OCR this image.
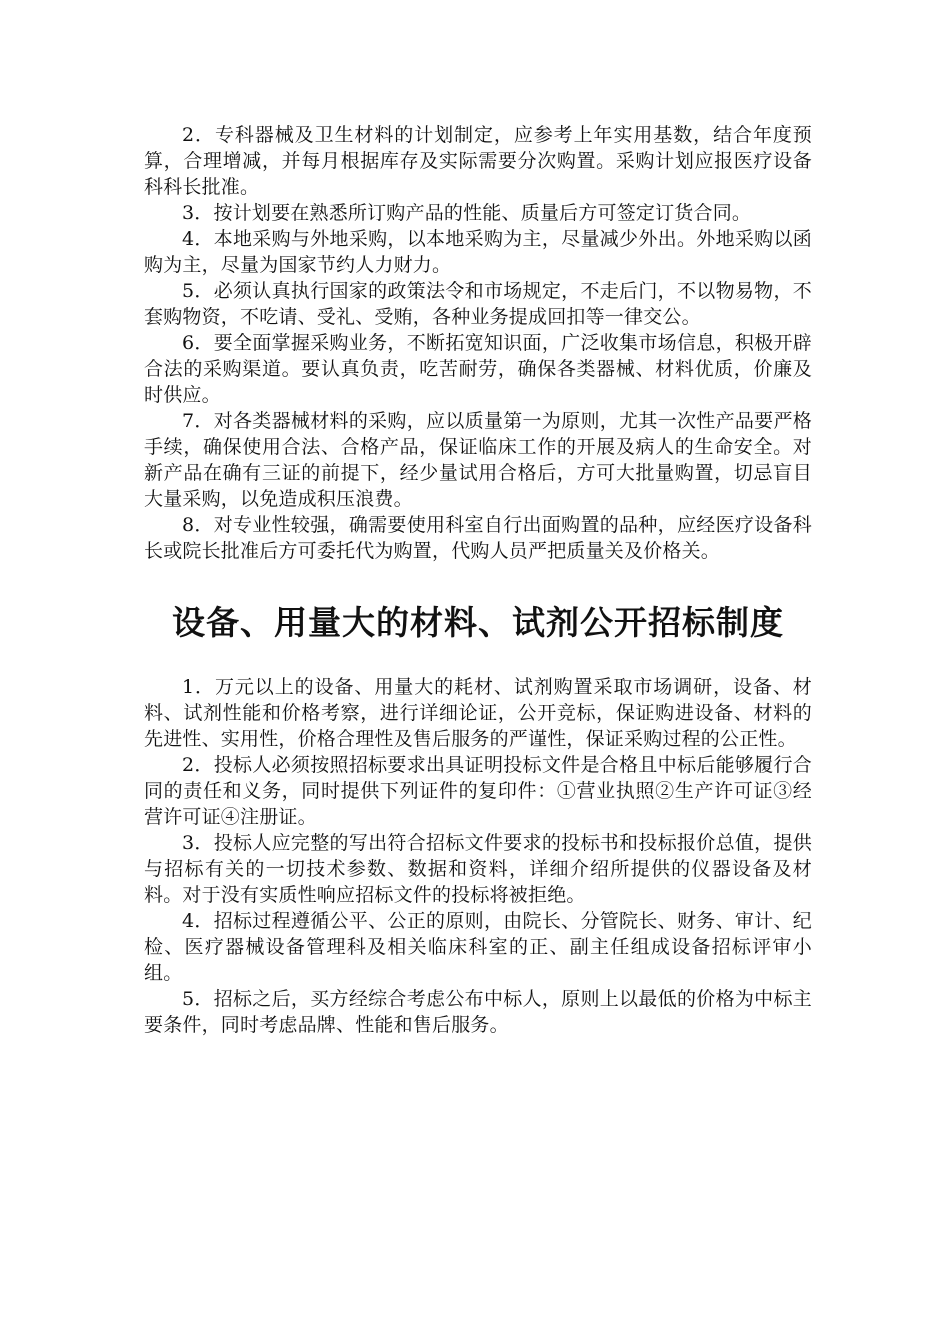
2．专科器械及卫生材料的计划制定，应参考上年实用基数，结合年度预算，合理增减，并每月根据库存及实际需要分次购置。采购计划应报医疗设备科科长批准。

3．按计划要在熟悉所订购产品的性能、质量后方可签定订货合同。

4．本地采购与外地采购，以本地采购为主，尽量减少外出。外地采购以函购为主，尽量为国家节约人力财力。

5．必须认真执行国家的政策法令和市场规定，不走后门，不以物易物，不套购物资，不吃请、受礼、受贿，各种业务提成回扣等一律交公。

6．要全面掌握采购业务，不断拓宽知识面，广泛收集市场信息，积极开辟合法的采购渠道。要认真负责，吃苦耐劳，确保各类器械、材料优质，价廉及时供应。

7．对各类器械材料的采购，应以质量第一为原则，尤其一次性产品要严格手续，确保使用合法、合格产品，保证临床工作的开展及病人的生命安全。对新产品在确有三证的前提下，经少量试用合格后，方可大批量购置，切忌盲目大量采购，以免造成积压浪费。

8．对专业性较强，确需要使用科室自行出面购置的品种，应经医疗设备科长或院长批准后方可委托代为购置，代购人员严把质量关及价格关。

设备、用量大的材料、试剂公开招标制度

1．万元以上的设备、用量大的耗材、试剂购置采取市场调研，设备、材料、试剂性能和价格考察，进行详细论证，公开竞标，保证购进设备、材料的先进性、实用性，价格合理性及售后服务的严谨性，保证采购过程的公正性。

2．投标人必须按照招标要求出具证明投标文件是合格且中标后能够履行合同的责任和义务，同时提供下列证件的复印件：①营业执照②生产许可证③经营许可证④注册证。

3．投标人应完整的写出符合招标文件要求的投标书和投标报价总值，提供与招标有关的一切技术参数、数据和资料，详细介绍所提供的仪器设备及材料。对于没有实质性响应招标文件的投标将被拒绝。

4．招标过程遵循公平、公正的原则，由院长、分管院长、财务、审计、纪检、医疗器械设备管理科及相关临床科室的正、副主任组成设备招标评审小组。

5．招标之后，买方经综合考虑公布中标人，原则上以最低的价格为中标主要条件，同时考虑品牌、性能和售后服务。
